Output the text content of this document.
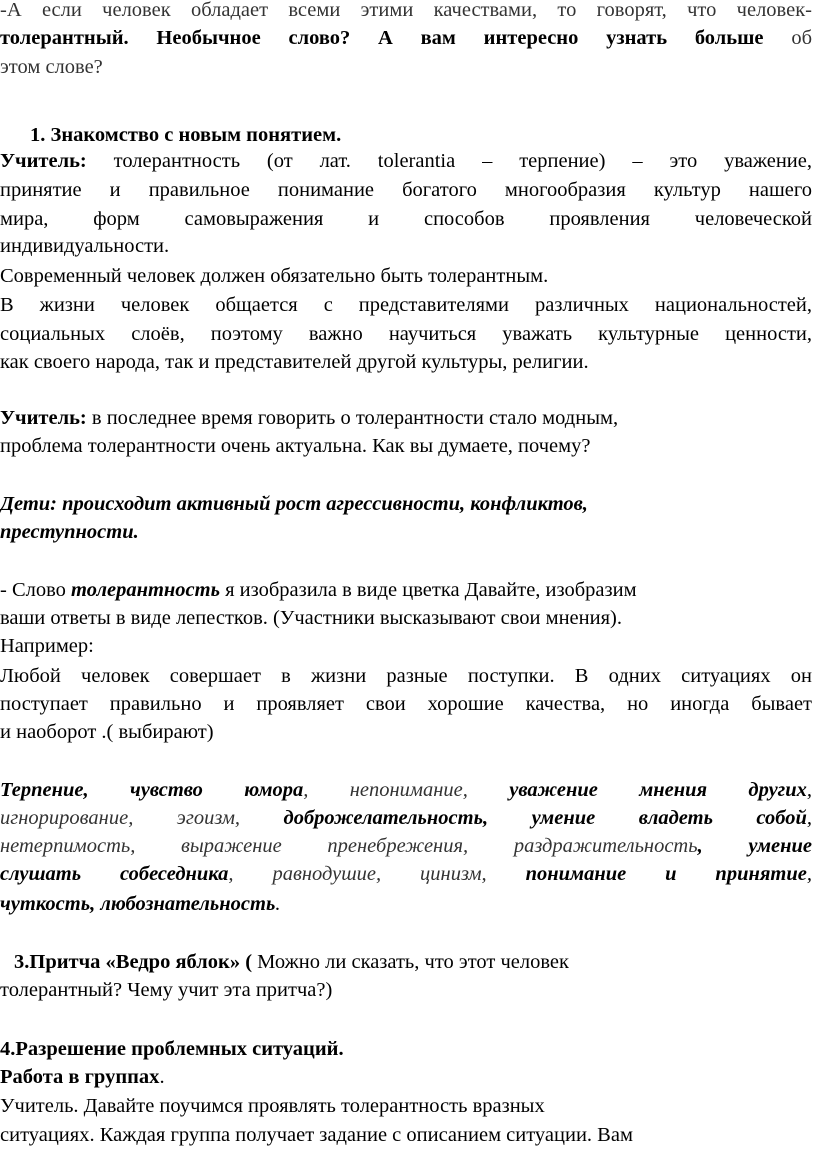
-А если человек обладает всеми этими качествами, то говорят, что человек-
толерантный. Необычное слово? А вам интересно узнать больше об
этом слове?
1. Знакомство с новым понятием.
Учитель: толерантность (от лат. tolerantia – терпение) – это уважение,
принятие и правильное понимание богатого многообразия культур нашего
мира, форм самовыражения и способов проявления человеческой
индивидуальности.
Современный человек должен обязательно быть толерантным.
В жизни человек общается с представителями различных национальностей,
социальных слоёв, поэтому важно научиться уважать культурные ценности,
как своего народа, так и представителей другой культуры, религии.
Учитель: в последнее время говорить о толерантности стало модным,
проблема толерантности очень актуальна. Как вы думаете, почему?
Дети: происходит активный рост агрессивности, конфликтов,
преступности.
- Слово толерантность я изобразила в виде цветка Давайте, изобразим
ваши ответы в виде лепестков. (Участники высказывают свои мнения).
Например:
Любой человек совершает в жизни разные поступки. В одних ситуациях он
поступает правильно и проявляет свои хорошие качества, но иногда бывает
и наоборот .( выбирают)
Терпение, чувство юмора, непонимание, уважение мнения других,
игнорирование, эгоизм, доброжелательность, умение владеть собой,
нетерпимость, выражение пренебрежения, раздражительность, умение
слушать собеседника, равнодушие, цинизм, понимание и принятие,
чуткость, любознательность.
3.Притча «Ведро яблок» ( Можно ли сказать, что этот человек
толерантный? Чему учит эта притча?)
4.Разрешение проблемных ситуаций.
Работа в группах.
Учитель. Давайте поучимся проявлять толерантность вразных
ситуациях. Каждая группа получает задание с описанием ситуации. Вам
